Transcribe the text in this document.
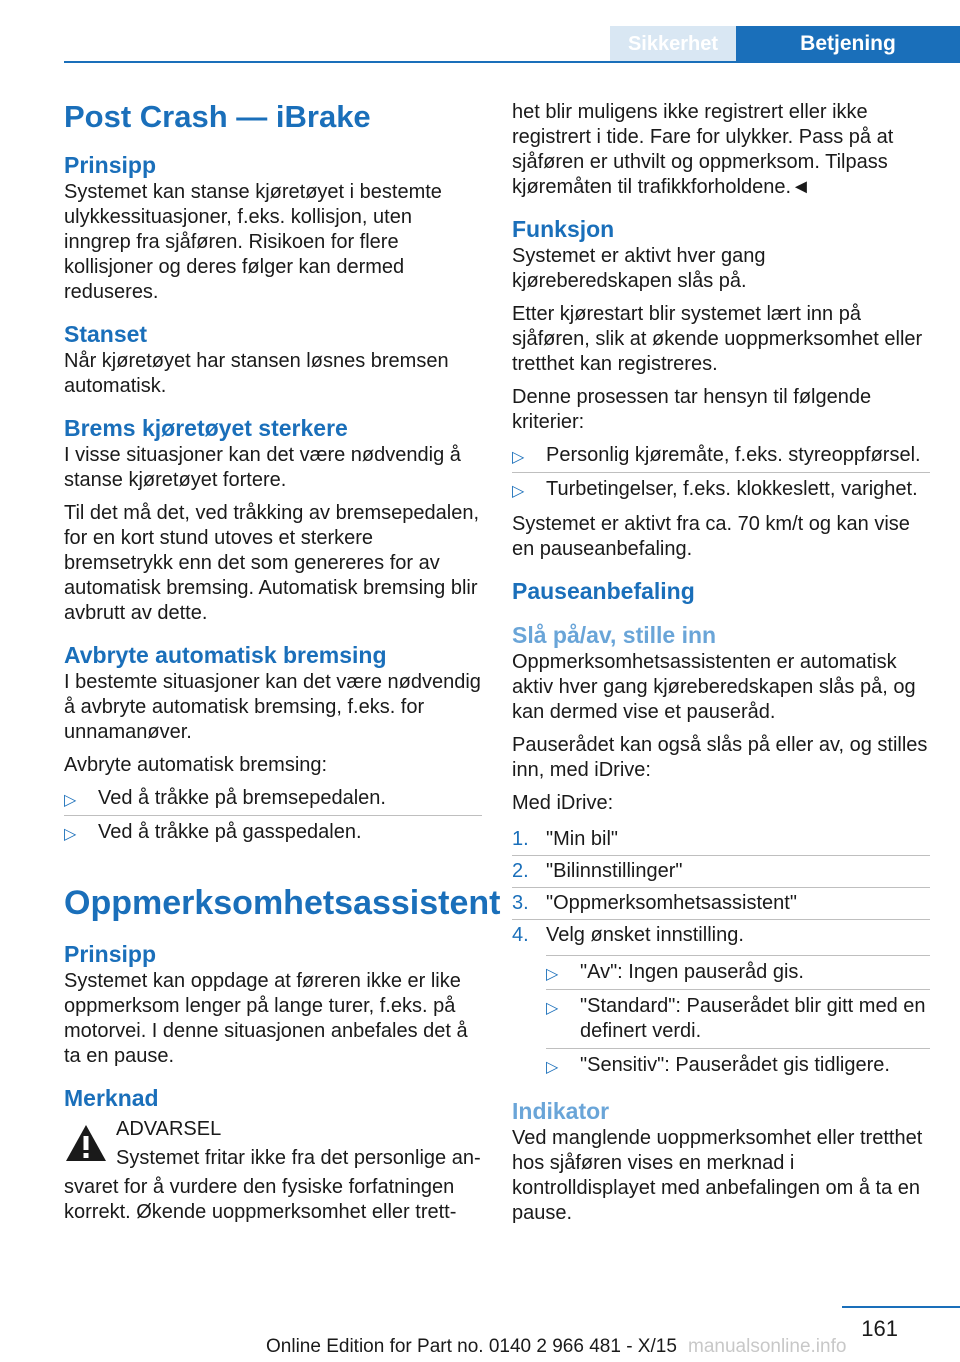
Sikkerhet	Betjening
Post Crash — iBrake
Prinsipp
Systemet kan stanse kjøretøyet i bestemte ulykkessituasjoner, f.eks. kollisjon, uten inngrep fra sjåføren. Risikoen for flere kollisjoner og deres følger kan dermed reduseres.
Stanset
Når kjøretøyet har stansen løsnes bremsen automatisk.
Brems kjøretøyet sterkere
I visse situasjoner kan det være nødvendig å stanse kjøretøyet fortere.
Til det må det, ved tråkking av bremsepedalen, for en kort stund utoves et sterkere bremsetrykk enn det som genereres for av automatisk bremsing. Automatisk bremsing blir avbrutt av dette.
Avbryte automatisk bremsing
I bestemte situasjoner kan det være nødvendig å avbryte automatisk bremsing, f.eks. for unnamanøver.
Avbryte automatisk bremsing:
▷ Ved å tråkke på bremsepedalen.
▷ Ved å tråkke på gasspedalen.
Oppmerksomhetsassistent
Prinsipp
Systemet kan oppdage at føreren ikke er like oppmerksom lenger på lange turer, f.eks. på motorvei. I denne situasjonen anbefales det å ta en pause.
Merknad
ADVARSEL
Systemet fritar ikke fra det personlige an-
svaret for å vurdere den fysiske forfatningen korrekt. Økende uoppmerksomhet eller trett-
het blir muligens ikke registrert eller ikke registrert i tide. Fare for ulykker. Pass på at sjåføren er uthvilt og oppmerksom. Tilpass kjøremåten til trafikkforholdene.◄
Funksjon
Systemet er aktivt hver gang kjøreberedskapen slås på.
Etter kjørestart blir systemet lært inn på sjåføren, slik at økende uoppmerksomhet eller tretthet kan registreres.
Denne prosessen tar hensyn til følgende kriterier:
▷ Personlig kjøremåte, f.eks. styreoppførsel.
▷ Turbetingelser, f.eks. klokkeslett, varighet.
Systemet er aktivt fra ca. 70 km/t og kan vise en pauseanbefaling.
Pauseanbefaling
Slå på/av, stille inn
Oppmerksomhetsassistenten er automatisk aktiv hver gang kjøreberedskapen slås på, og kan dermed vise et pauseråd.
Pauserådet kan også slås på eller av, og stilles inn, med iDrive:
Med iDrive:
1. "Min bil"
2. "Bilinnstillinger"
3. "Oppmerksomhetsassistent"
4. Velg ønsket innstilling.
▷ "Av": Ingen pauseråd gis.
▷ "Standard": Pauserådet blir gitt med en definert verdi.
▷ "Sensitiv": Pauserådet gis tidligere.
Indikator
Ved manglende uoppmerksomhet eller tretthet hos sjåføren vises en merknad i kontrolldisplayet med anbefalingen om å ta en pause.
161
Online Edition for Part no. 0140 2 966 481 - X/15 manualsonline.info
